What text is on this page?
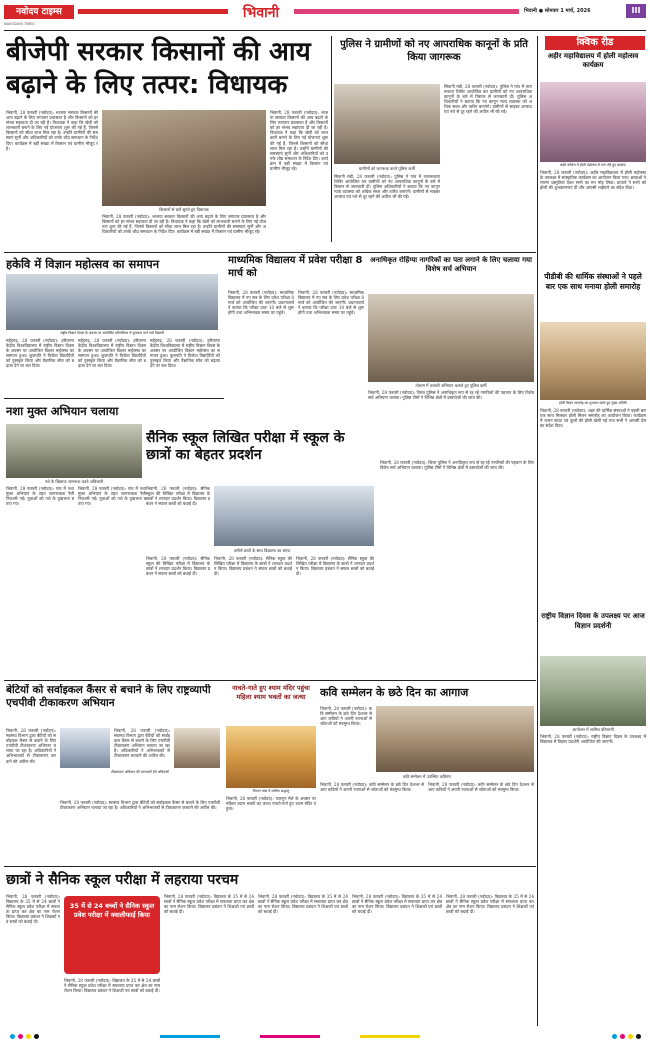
नवोदय टाइम्स
NAVODAYA TIMES
भिवानी	भिवानी ● सोमवार 1 मार्च, 2026	III
बीजेपी सरकार किसानों की आय बढ़ाने के लिए तत्पर: विधायक
भिवानी, 28 फरवरी (नवोदय): भाजपा सरकार किसानों की आय बढ़ाने के लिए लगातार प्रयासरत है और किसानों को हर संभव सहायता दी जा रही है। विधायक ने कहा कि खेती को लाभकारी बनाने के लिए नई योजनाएं शुरू की गई हैं, जिनसे किसानों को सीधा लाभ मिल रहा है। उन्होंने ग्रामीणों की समस्याएं सुनीं और अधिकारियों को उनके शीघ्र समाधान के निर्देश दिए। कार्यक्रम में बड़ी संख्या में किसान एवं ग्रामीण मौजूद रहे।
किसानों से बातें सुनते हुए विधायक
भिवानी, 28 फरवरी (नवोदय): भाजपा सरकार किसानों की आय बढ़ाने के लिए लगातार प्रयासरत है और किसानों को हर संभव सहायता दी जा रही है। विधायक ने कहा कि खेती को लाभकारी बनाने के लिए नई योजनाएं शुरू की गई हैं, जिनसे किसानों को सीधा लाभ मिल रहा है। उन्होंने ग्रामीणों की समस्याएं सुनीं और अधिकारियों को उनके शीघ्र समाधान के निर्देश दिए। कार्यक्रम में बड़ी संख्या में किसान एवं ग्रामीण मौजूद रहे।
भिवानी, 28 फरवरी (नवोदय): भाजपा सरकार किसानों की आय बढ़ाने के लिए लगातार प्रयासरत है और किसानों को हर संभव सहायता दी जा रही है। विधायक ने कहा कि खेती को लाभकारी बनाने के लिए नई योजनाएं शुरू की गई हैं, जिनसे किसानों को सीधा लाभ मिल रहा है। उन्होंने ग्रामीणों की समस्याएं सुनीं और अधिकारियों को उनके शीघ्र समाधान के निर्देश दिए। कार्यक्रम में बड़ी संख्या में किसान एवं ग्रामीण मौजूद रहे।
पुलिस ने ग्रामीणों को नए आपराधिक कानूनों के प्रति किया जागरूक
ग्रामीणों को जागरूक करते पुलिस कर्मी
सिवानी मंडी, 28 फरवरी (नवोदय): पुलिस ने गांव में जागरूकता शिविर आयोजित कर ग्रामीणों को नए आपराधिक कानूनों के बारे में विस्तार से जानकारी दी। पुलिस अधिकारियों ने बताया कि नए कानून न्याय व्यवस्था को अधिक सरल और त्वरित बनाएंगे। ग्रामीणों से साइबर अपराध एवं नशे से दूर रहने की अपील भी की गई।
सिवानी मंडी, 28 फरवरी (नवोदय): पुलिस ने गांव में जागरूकता शिविर आयोजित कर ग्रामीणों को नए आपराधिक कानूनों के बारे में विस्तार से जानकारी दी। पुलिस अधिकारियों ने बताया कि नए कानून न्याय व्यवस्था को अधिक सरल और त्वरित बनाएंगे। ग्रामीणों से साइबर अपराध एवं नशे से दूर रहने की अपील भी की गई।
क्विक रीड
अहीर महाविद्यालय में होली महोत्सव कार्यक्रम
अहीर कॉलेज में होली महोत्सव में भाग लेते हुए छात्राएं।
भिवानी, 28 फरवरी (नवोदय): अहीर महाविद्यालय में होली महोत्सव के उपलक्ष्य में सांस्कृतिक कार्यक्रम का आयोजन किया गया। छात्राओं ने रंगारंग प्रस्तुतियां देकर सभी का मन मोह लिया। प्राचार्य ने सभी को होली की शुभकामनाएं दीं और आपसी भाईचारे का संदेश दिया।
हकेवि में विज्ञान महोत्सव का समापन
राष्ट्रीय विज्ञान दिवस के अवसर पर आयोजित प्रतियोगिता में पुरस्कार पाने वाले विद्यार्थी
महेंद्रगढ़, 28 फरवरी (नवोदय): हरियाणा केंद्रीय विश्वविद्यालय में राष्ट्रीय विज्ञान दिवस के अवसर पर आयोजित विज्ञान महोत्सव का समापन हुआ। कुलपति ने विजेता विद्यार्थियों को पुरस्कृत किया और वैज्ञानिक सोच को बढ़ावा देने पर बल दिया।
महेंद्रगढ़, 28 फरवरी (नवोदय): हरियाणा केंद्रीय विश्वविद्यालय में राष्ट्रीय विज्ञान दिवस के अवसर पर आयोजित विज्ञान महोत्सव का समापन हुआ। कुलपति ने विजेता विद्यार्थियों को पुरस्कृत किया और वैज्ञानिक सोच को बढ़ावा देने पर बल दिया।
महेंद्रगढ़, 28 फरवरी (नवोदय): हरियाणा केंद्रीय विश्वविद्यालय में राष्ट्रीय विज्ञान दिवस के अवसर पर आयोजित विज्ञान महोत्सव का समापन हुआ। कुलपति ने विजेता विद्यार्थियों को पुरस्कृत किया और वैज्ञानिक सोच को बढ़ावा देने पर बल दिया।
माध्यमिक विद्यालय में प्रवेश परीक्षा 8 मार्च को
भिवानी, 28 फरवरी (नवोदय): माध्यमिक विद्यालय में नए सत्र के लिए प्रवेश परीक्षा 8 मार्च को आयोजित की जाएगी। प्रधानाचार्य ने बताया कि परीक्षा प्रातः 10 बजे से शुरू होगी तथा अभिभावक समय पर पहुंचें।
भिवानी, 28 फरवरी (नवोदय): माध्यमिक विद्यालय में नए सत्र के लिए प्रवेश परीक्षा 8 मार्च को आयोजित की जाएगी। प्रधानाचार्य ने बताया कि परीक्षा प्रातः 10 बजे से शुरू होगी तथा अभिभावक समय पर पहुंचें।
अनाधिकृत रोहिंग्या नागरिकों का पता लगाने के लिए चलाया गया विशेष सर्च अभियान
तोशाम में तलाशी अभियान चलाते हुए पुलिस कर्मी
भिवानी, 28 फरवरी (नवोदय): जिला पुलिस ने अनाधिकृत रूप से रह रहे नागरिकों की पहचान के लिए विशेष सर्च अभियान चलाया। पुलिस टीमों ने विभिन्न क्षेत्रों में दस्तावेजों की जांच की।
पीडीबी की धार्मिक संस्थाओं ने पहले बार एक साथ मनाया होली समारोह
होली मिलन समारोह का शुभारंभ करते हुए मुख्य अतिथि
भिवानी, 28 फरवरी (नवोदय): शहर की धार्मिक संस्थाओं ने पहली बार एक साथ मिलकर होली मिलन समारोह का आयोजन किया। कार्यक्रम में भजन संध्या एवं फूलों की होली खेली गई तथा सभी ने आपसी प्रेम का संदेश दिया।
नशा मुक्त अभियान चलाया
नशे के खिलाफ जागरूक करते अधिकारी
भिवानी, 28 फरवरी (नवोदय): गांव में नशा मुक्त अभियान के तहत जागरूकता रैली निकाली गई। युवाओं को नशे के दुष्प्रभाव बताए गए।
भिवानी, 28 फरवरी (नवोदय): गांव में नशा मुक्त अभियान के तहत जागरूकता रैली निकाली गई। युवाओं को नशे के दुष्प्रभाव बताए गए।
सैनिक स्कूल लिखित परीक्षा में स्कूल के छात्रों का बेहतर प्रदर्शन
भिवानी, 28 फरवरी (नवोदय): सैनिक स्कूल की लिखित परीक्षा में विद्यालय के छात्रों ने शानदार प्रदर्शन किया। विद्यालय प्रबंधन ने सफल छात्रों को बधाई दी।
उत्तीर्ण छात्रों के साथ विद्यालय का स्टाफ
भिवानी, 28 फरवरी (नवोदय): सैनिक स्कूल की लिखित परीक्षा में विद्यालय के छात्रों ने शानदार प्रदर्शन किया। विद्यालय प्रबंधन ने सफल छात्रों को बधाई दी।
भिवानी, 28 फरवरी (नवोदय): सैनिक स्कूल की लिखित परीक्षा में विद्यालय के छात्रों ने शानदार प्रदर्शन किया। विद्यालय प्रबंधन ने सफल छात्रों को बधाई दी।
भिवानी, 28 फरवरी (नवोदय): सैनिक स्कूल की लिखित परीक्षा में विद्यालय के छात्रों ने शानदार प्रदर्शन किया। विद्यालय प्रबंधन ने सफल छात्रों को बधाई दी।
भिवानी, 28 फरवरी (नवोदय): जिला पुलिस ने अनाधिकृत रूप से रह रहे नागरिकों की पहचान के लिए विशेष सर्च अभियान चलाया। पुलिस टीमों ने विभिन्न क्षेत्रों में दस्तावेजों की जांच की।
नाचते-गाते हुए श्याम मंदिर पहुंचा महिला श्याम भक्तों का जत्था
निशान यात्रा में शामिल श्रद्धालु
भिवानी, 28 फरवरी (नवोदय): फाल्गुन मेले के अवसर पर महिला श्याम भक्तों का जत्था नाचते-गाते हुए श्याम मंदिर पहुंचा।
कवि सम्मेलन के छठे दिन का आगाज
भिवानी, 28 फरवरी (नवोदय): कवि सम्मेलन के छठे दिन देशभर से आए कवियों ने अपनी रचनाओं से श्रोताओं को मंत्रमुग्ध किया।
कवि सम्मेलन में उपस्थित कविगण
भिवानी, 28 फरवरी (नवोदय): कवि सम्मेलन के छठे दिन देशभर से आए कवियों ने अपनी रचनाओं से श्रोताओं को मंत्रमुग्ध किया।
भिवानी, 28 फरवरी (नवोदय): कवि सम्मेलन के छठे दिन देशभर से आए कवियों ने अपनी रचनाओं से श्रोताओं को मंत्रमुग्ध किया।
राष्ट्रीय विज्ञान दिवस के उपलक्ष्य पर आज विज्ञान प्रदर्शनी
आयोजन में शामिल प्रतिभागी
भिवानी, 28 फरवरी (नवोदय): राष्ट्रीय विज्ञान दिवस के उपलक्ष्य में विद्यालय में विज्ञान प्रदर्शनी आयोजित की जाएगी।
बेटियों को सर्वाइकल कैंसर से बचाने के लिए राष्ट्रव्यापी एचपीवी टीकाकरण अभियान
भिवानी, 28 फरवरी (नवोदय): स्वास्थ्य विभाग द्वारा बेटियों को सर्वाइकल कैंसर से बचाने के लिए एचपीवी टीकाकरण अभियान चलाया जा रहा है। अधिकारियों ने अभिभावकों से टीकाकरण करवाने की अपील की।
भिवानी, 28 फरवरी (नवोदय): स्वास्थ्य विभाग द्वारा बेटियों को सर्वाइकल कैंसर से बचाने के लिए एचपीवी टीकाकरण अभियान चलाया जा रहा है। अधिकारियों ने अभिभावकों से टीकाकरण करवाने की अपील की।
टीकाकरण अभियान की जानकारी देते अधिकारी
भिवानी, 28 फरवरी (नवोदय): स्वास्थ्य विभाग द्वारा बेटियों को सर्वाइकल कैंसर से बचाने के लिए एचपीवी टीकाकरण अभियान चलाया जा रहा है। अधिकारियों ने अभिभावकों से टीकाकरण करवाने की अपील की।
छात्रों ने सैनिक स्कूल परीक्षा में लहराया परचम
भिवानी, 28 फरवरी (नवोदय): विद्यालय के 35 में से 24 छात्रों ने सैनिक स्कूल प्रवेश परीक्षा में सफलता प्राप्त कर क्षेत्र का नाम रोशन किया। विद्यालय प्रबंधन ने शिक्षकों एवं छात्रों को बधाई दी।
35 में से 24 बच्चों ने सैनिक स्कूल प्रवेश परीक्षा में क्वालीफाई किया
भिवानी, 28 फरवरी (नवोदय): विद्यालय के 35 में से 24 छात्रों ने सैनिक स्कूल प्रवेश परीक्षा में सफलता प्राप्त कर क्षेत्र का नाम रोशन किया। विद्यालय प्रबंधन ने शिक्षकों एवं छात्रों को बधाई दी।
भिवानी, 28 फरवरी (नवोदय): विद्यालय के 35 में से 24 छात्रों ने सैनिक स्कूल प्रवेश परीक्षा में सफलता प्राप्त कर क्षेत्र का नाम रोशन किया। विद्यालय प्रबंधन ने शिक्षकों एवं छात्रों को बधाई दी।
भिवानी, 28 फरवरी (नवोदय): विद्यालय के 35 में से 24 छात्रों ने सैनिक स्कूल प्रवेश परीक्षा में सफलता प्राप्त कर क्षेत्र का नाम रोशन किया। विद्यालय प्रबंधन ने शिक्षकों एवं छात्रों को बधाई दी।
भिवानी, 28 फरवरी (नवोदय): विद्यालय के 35 में से 24 छात्रों ने सैनिक स्कूल प्रवेश परीक्षा में सफलता प्राप्त कर क्षेत्र का नाम रोशन किया। विद्यालय प्रबंधन ने शिक्षकों एवं छात्रों को बधाई दी।
भिवानी, 28 फरवरी (नवोदय): विद्यालय के 35 में से 24 छात्रों ने सैनिक स्कूल प्रवेश परीक्षा में सफलता प्राप्त कर क्षेत्र का नाम रोशन किया। विद्यालय प्रबंधन ने शिक्षकों एवं छात्रों को बधाई दी।
